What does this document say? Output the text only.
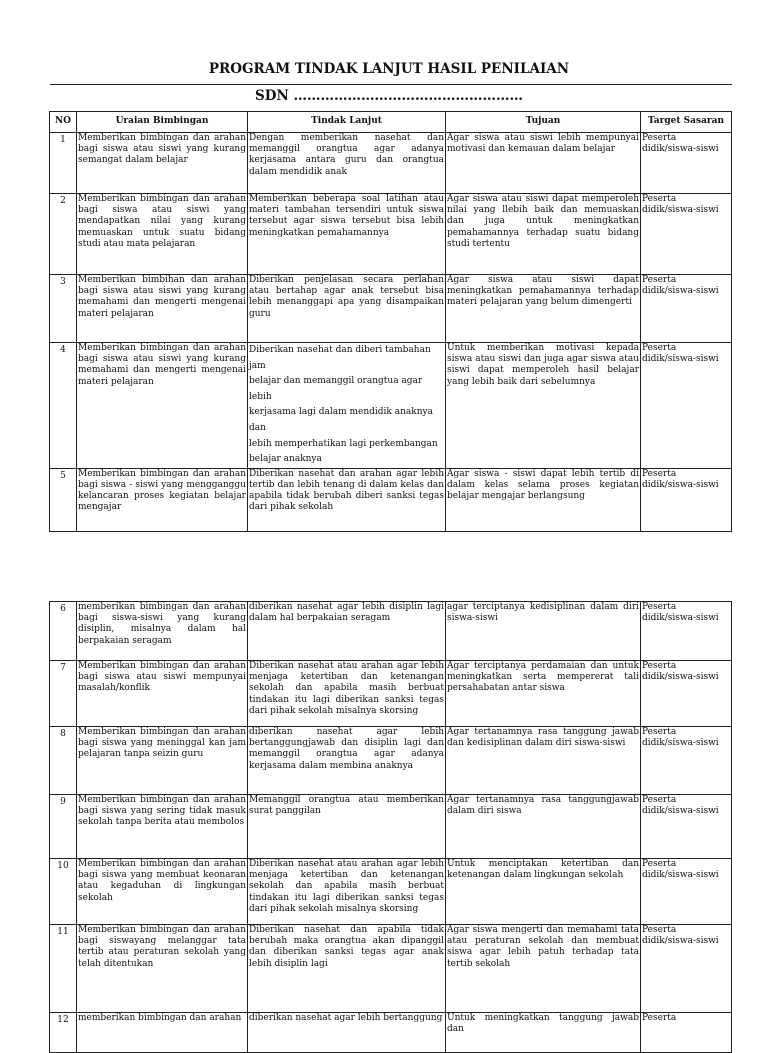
PROGRAM TINDAK LANJUT HASIL PENILAIAN
SDN ……………………………………………
NO	Uraian Bimbingan	Tindak Lanjut	Tujuan	Target Sasaran
1	Memberikan bimbingan dan arahan bagi siswa atau siswi yang kurang semangat dalam belajar	Dengan memberikan nasehat dan memanggil orangtua agar adanya kerjasama antara guru dan orangtua dalam mendidik anak	Agar siswa atau siswi lebih mempunyai motivasi dan kemauan dalam belajar	Peserta didik/siswa-siswi
2	Memberikan bimbingan dan arahan bagi siswa atau siswi yang mendapatkan nilai yang kurang memuaskan untuk suatu bidang studi atau mata pelajaran	Memberikan beberapa soal latihan atau materi tambahan tersendiri untuk siswa tersebut agar siswa tersebut bisa lebih meningkatkan pemahamannya	Agar siswa atau siswi dapat memperoleh nilai yang llebih baik dan memuaskan dan juga untuk meningkatkan pemahamannya terhadap suatu bidang studi tertentu	Peserta didik/siswa-siswi
3	Memberikan bimbihan dan arahan bagi siswa atau siswi yang kurang memahami dan mengerti mengenai materi pelajaran	Diberikan penjelasan secara perlahan atau bertahap agar anak tersebut bisa lebih menanggapi apa yang disampaikan guru	Agar siswa atau siswi dapat meningkatkan pemahamannya terhadap materi pelajaran yang belum dimengerti	Peserta didik/siswa-siswi
4	Memberikan bimbingan dan arahan bagi siswa atau siswi yang kurang memahami dan mengerti mengenai materi pelajaran	Diberikan nasehat dan diberi tambahan jam
belajar dan memanggil orangtua agar lebih
kerjasama lagi dalam mendidik anaknya dan
lebih memperhatikan lagi perkembangan
belajar anaknya	Untuk memberikan motivasi kepada siswa atau siswi dan juga agar siswa atau siswi dapat memperoleh hasil belajar yang lebih baik dari sebelumnya	Peserta didik/siswa-siswi
5	Memberikan bimbingan dan arahan bagi siswa - siswi yang mengganggu kelancaran proses kegiatan belajar mengajar	Diberikan nasehat dan arahan agar lebih tertib dan lebih tenang di dalam kelas dan apabila tidak berubah diberi sanksi tegas dari pihak sekolah	Agar siswa - siswi dapat lebih tertib di dalam kelas selama proses kegiatan belajar mengajar berlangsung	Peserta didik/siswa-siswi
6	memberikan bimbingan dan arahan bagi siswa-siswi yang kurang disiplin, misalnya dalam hal berpakaian seragam	diberikan nasehat agar lebih disiplin lagi dalam hal berpakaian seragam	agar terciptanya kedisiplinan dalam diri siswa-siswi	Peserta didik/siswa-siswi
7	Memberikan bimbingan dan arahan bagi siswa atau siswi mempunyai masalah/konflik	Diberikan nasehat atau arahan agar lebih menjaga ketertiban dan ketenangan sekolah dan apabila masih berbuat tindakan itu lagi diberikan sanksi tegas dari pihak sekolah misalnya skorsing	Agar terciptanya perdamaian dan untuk meningkatkan serta mempererat tali persahabatan antar siswa	Peserta didik/siswa-siswi
8	Memberikan bimbingan dan arahan bagi siswa yang meninggal kan jam pelajaran tanpa seizin guru	diberikan nasehat agar lebih bertanggungjawab dan disiplin lagi dan memanggil orangtua agar adanya kerjasama dalam membina anaknya	Agar tertanamnya rasa tanggung jawab dan kedisiplinan dalam diri siswa-siswi	Peserta didik/siswa-siswi
9	Memberikan bimbingan dan arahan bagi siswa yang sering tidak masuk sekolah tanpa berita atau membolos	Memanggil orangtua atau memberikan surat panggilan	Agar tertanamnya rasa tanggungjawab dalam diri siswa	Peserta didik/siswa-siswi
10	Memberikan bimbingan dan arahan bagi siswa yang membuat keonaran atau kegaduhan di lingkungan sekolah	Diberikan nasehat atau arahan agar lebih menjaga ketertiban dan ketenangan sekolah dan apabila masih berbuat tindakan itu lagi diberikan sanksi tegas dari pihak sekolah misalnya skorsing	Untuk menciptakan ketertiban dan ketenangan dalam lingkungan sekolah	Peserta didik/siswa-siswi
11	Memberikan bimbingan dan arahan bagi siswayang melanggar tata tertib atau peraturan sekolah yang telah ditentukan	Diberikan nasehat dan apabila tidak berubah maka orangtua akan dipanggil dan diberikan sanksi tegas agar anak lebih disiplin lagi	Agar siswa mengerti dan memahami tata atau peraturan sekolah dan membuat siswa agar lebih patuh terhadap tata tertib sekolah	Peserta didik/siswa-siswi
12	memberikan bimbingan dan arahan	diberikan nasehat agar lebih bertanggung	Untuk meningkatkan tanggung jawab dan	Peserta
